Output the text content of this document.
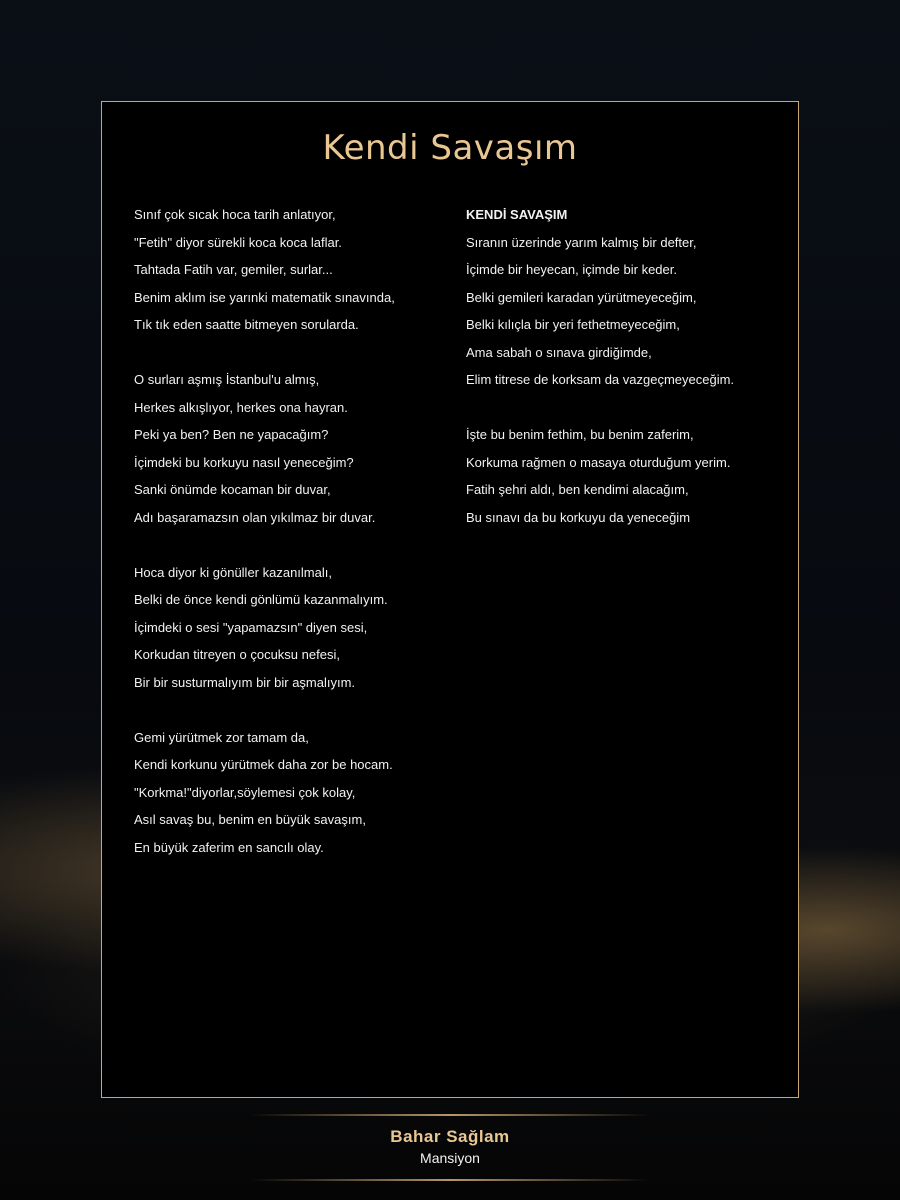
Kendi Savaşım
Sınıf çok sıcak hoca tarih anlatıyor,
"Fetih" diyor sürekli koca koca laflar.
Tahtada Fatih var, gemiler, surlar...
Benim aklım ise yarınki matematik sınavında,
Tık tık eden saatte bitmeyen sorularda.
O surları aşmış İstanbul'u almış,
Herkes alkışlıyor, herkes ona hayran.
Peki ya ben? Ben ne yapacağım?
İçimdeki bu korkuyu nasıl yeneceğim?
Sanki önümde kocaman bir duvar,
Adı başaramazsın olan yıkılmaz bir duvar.
Hoca diyor ki gönüller kazanılmalı,
Belki de önce kendi gönlümü kazanmalıyım.
İçimdeki o sesi "yapamazsın" diyen sesi,
Korkudan titreyen o çocuksu nefesi,
Bir bir susturmalıyım bir bir aşmalıyım.
Gemi yürütmek zor tamam da,
Kendi korkunu yürütmek daha zor be hocam.
"Korkma!"diyorlar,söylemesi çok kolay,
Asıl savaş bu, benim en büyük savaşım,
En büyük zaferim en sancılı olay.
KENDİ SAVAŞIM
Sıranın üzerinde yarım kalmış bir defter,
İçimde bir heyecan, içimde bir keder.
Belki gemileri karadan yürütmeyeceğim,
Belki kılıçla bir yeri fethetmeyeceğim,
Ama sabah o sınava girdiğimde,
Elim titrese de korksam da vazgeçmeyeceğim.
İşte bu benim fethim, bu benim zaferim,
Korkuma rağmen o masaya oturduğum yerim.
Fatih şehri aldı, ben kendimi alacağım,
Bu sınavı da bu korkuyu da yeneceğim
Bahar Sağlam
Mansiyon
